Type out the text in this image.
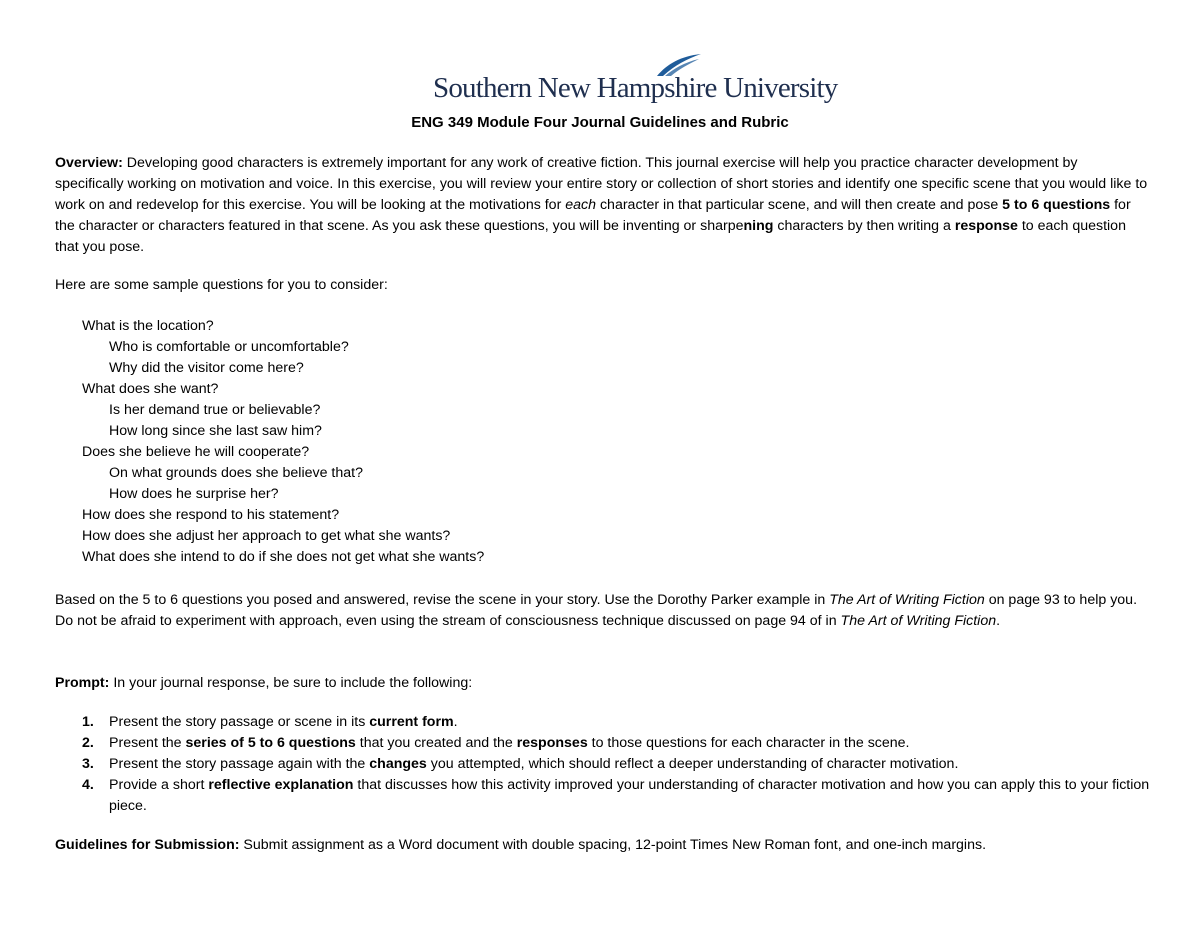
Southern New Hampshire University
ENG 349 Module Four Journal Guidelines and Rubric

Overview: Developing good characters is extremely important for any work of creative fiction. This journal exercise will help you practice character development by specifically working on motivation and voice. In this exercise, you will review your entire story or collection of short stories and identify one specific scene that you would like to work on and redevelop for this exercise. You will be looking at the motivations for each character in that particular scene, and will then create and pose 5 to 6 questions for the character or characters featured in that scene. As you ask these questions, you will be inventing or sharpening characters by then writing a response to each question that you pose.

Here are some sample questions for you to consider:

What is the location?
Who is comfortable or uncomfortable?
Why did the visitor come here?
What does she want?
Is her demand true or believable?
How long since she last saw him?
Does she believe he will cooperate?
On what grounds does she believe that?
How does he surprise her?
How does she respond to his statement?
How does she adjust her approach to get what she wants?
What does she intend to do if she does not get what she wants?

Based on the 5 to 6 questions you posed and answered, revise the scene in your story. Use the Dorothy Parker example in The Art of Writing Fiction on page 93 to help you. Do not be afraid to experiment with approach, even using the stream of consciousness technique discussed on page 94 of in The Art of Writing Fiction.

Prompt: In your journal response, be sure to include the following:

1. Present the story passage or scene in its current form.
2. Present the series of 5 to 6 questions that you created and the responses to those questions for each character in the scene.
3. Present the story passage again with the changes you attempted, which should reflect a deeper understanding of character motivation.
4. Provide a short reflective explanation that discusses how this activity improved your understanding of character motivation and how you can apply this to your fiction piece.

Guidelines for Submission: Submit assignment as a Word document with double spacing, 12-point Times New Roman font, and one-inch margins.
